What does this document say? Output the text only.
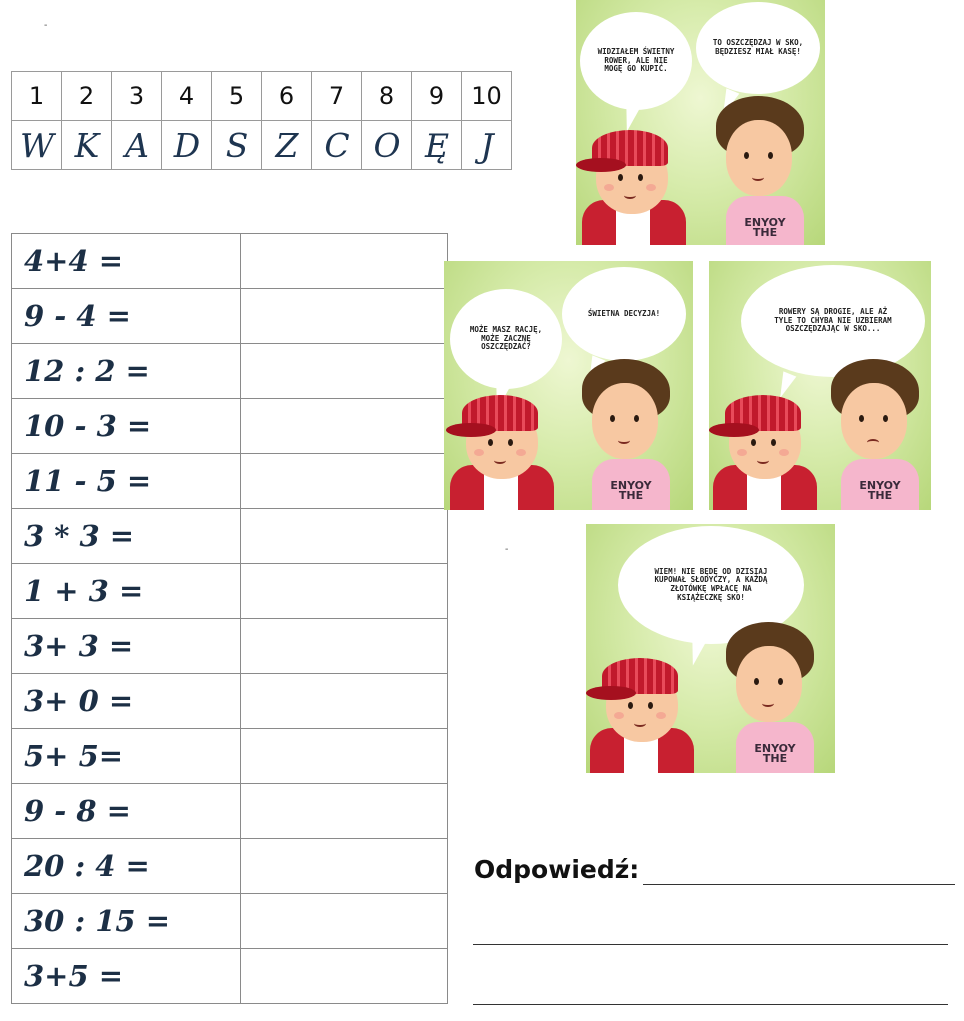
-
-
1	2	3	4	5	6	7	8	9	10
W	K	A	D	S	Z	C	O	Ę	J
4+4 =	
9 - 4 =	
12 : 2 =	
10 - 3 =	
11 - 5 =	
3 * 3 =	
1 + 3 =	
3+ 3 =	
3+ 0 =	
5+ 5=	
9 - 8 =	
20 : 4 =	
30 : 15 =	
3+5 =	
WIDZIAŁEM ŚWIETNY ROWER, ALE NIE MOGĘ GO KUPIĆ.
TO OSZCZĘDZAJ W SKO, BĘDZIESZ MIAŁ KASĘ!
ENYOY THE
MOŻE MASZ RACJĘ, MOŻE ZACZNĘ OSZCZĘDZAĆ?
ŚWIETNA DECYZJA!
ENYOY THE
ROWERY SĄ DROGIE, ALE AŻ TYLE TO CHYBA NIE UZBIERAM OSZCZĘDZAJĄC W SKO...
ENYOY THE
WIEM! NIE BĘDĘ OD DZISIAJ KUPOWAŁ SŁODYCZY, A KAŻDĄ ZŁOTÓWKĘ WPŁACĘ NA KSIĄŻECZKĘ SKO!
ENYOY THE
Odpowiedź:
